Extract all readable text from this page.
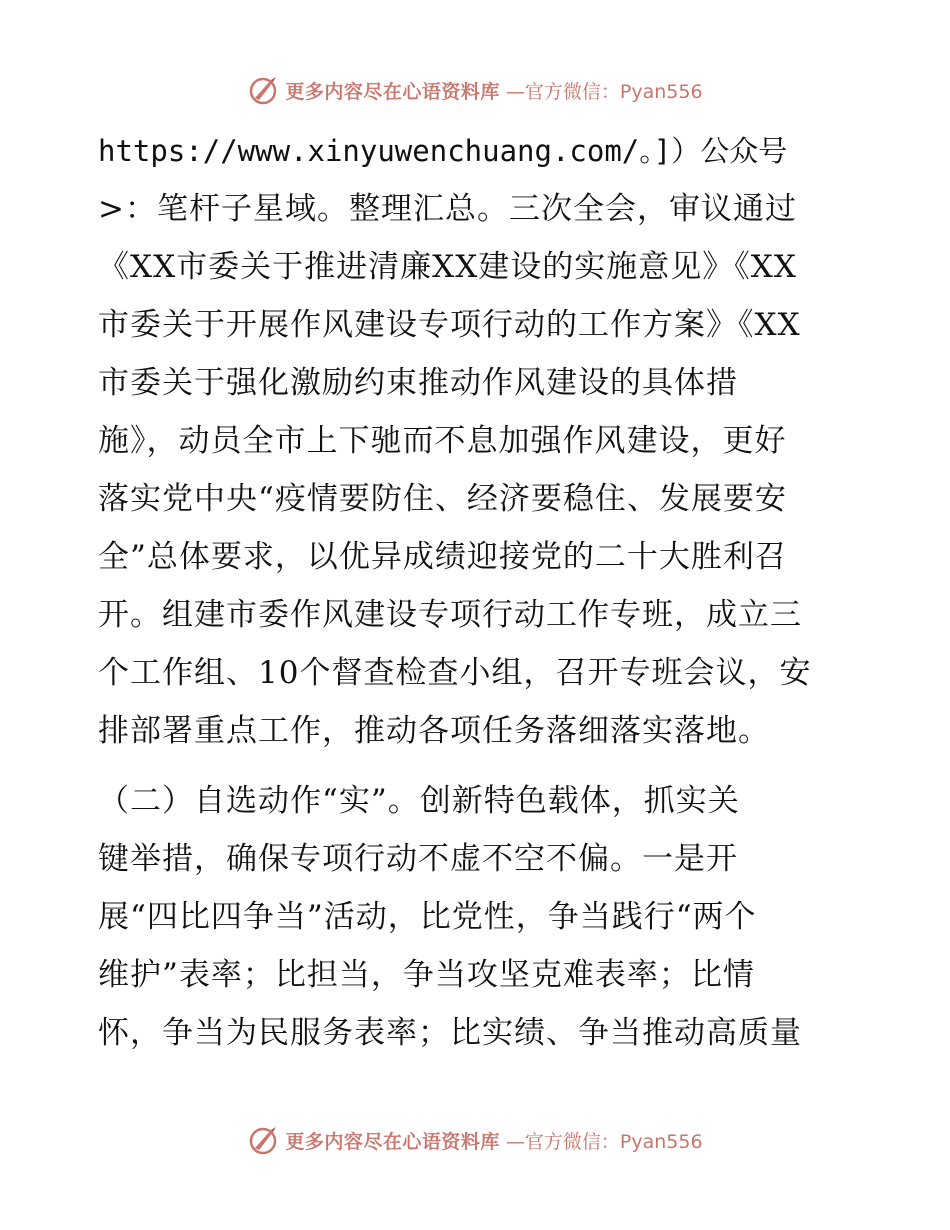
更多内容尽在心语资料库 —官方微信：Pyan556
https://www.xinyuwenchuang.com/。]）公众号
>：笔杆子星域。整理汇总。三次全会，审议通过
《XX市委关于推进清廉XX建设的实施意见》《XX
市委关于开展作风建设专项行动的工作方案》《XX
市委关于强化激励约束推动作风建设的具体措
施》，动员全市上下驰而不息加强作风建设，更好
落实党中央“疫情要防住、经济要稳住、发展要安
全”总体要求，以优异成绩迎接党的二十大胜利召
开。组建市委作风建设专项行动工作专班，成立三
个工作组、10个督查检查小组，召开专班会议，安
排部署重点工作，推动各项任务落细落实落地。
（二）自选动作“实”。创新特色载体，抓实关
键举措，确保专项行动不虚不空不偏。一是开
展“四比四争当”活动，比党性，争当践行“两个
维护”表率；比担当，争当攻坚克难表率；比情
怀，争当为民服务表率；比实绩、争当推动高质量
更多内容尽在心语资料库 —官方微信：Pyan556
